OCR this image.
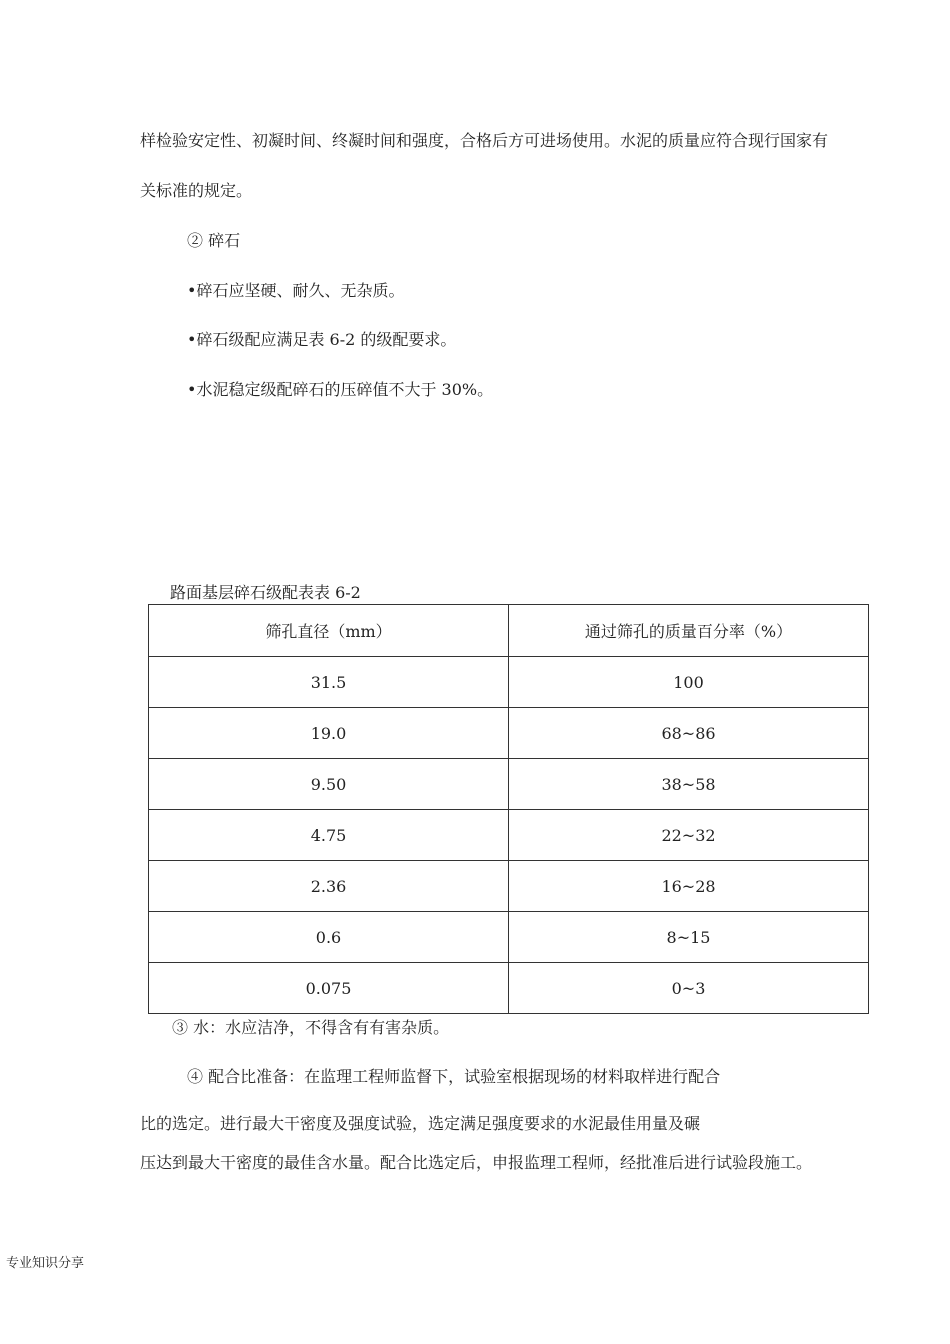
样检验安定性、初凝时间、终凝时间和强度，合格后方可进场使用。水泥的质量应符合现行国家有
关标准的规定。
② 碎石
•碎石应坚硬、耐久、无杂质。
•碎石级配应满足表 6-2 的级配要求。
•水泥稳定级配碎石的压碎值不大于 30%。
路面基层碎石级配表表 6-2
筛孔直径（mm）	通过筛孔的质量百分率（%）
31.5	100
19.0	68~86
9.50	38~58
4.75	22~32
2.36	16~28
0.6	8~15
0.075	0~3
③ 水：水应洁净，不得含有有害杂质。
④ 配合比准备：在监理工程师监督下，试验室根据现场的材料取样进行配合
比的选定。进行最大干密度及强度试验，选定满足强度要求的水泥最佳用量及碾
压达到最大干密度的最佳含水量。配合比选定后，申报监理工程师，经批准后进行试验段施工。
专业知识分享
